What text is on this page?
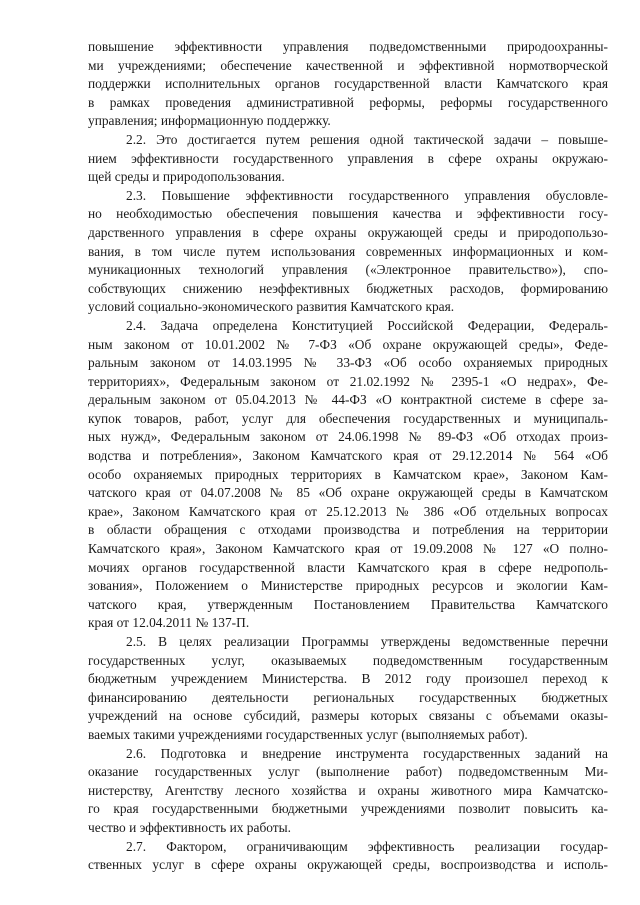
повышение эффективности управления подведомственными природоохранны-
ми учреждениями; обеспечение качественной и эффективной нормотворческой
поддержки исполнительных органов государственной власти Камчатского края
в рамках проведения административной реформы, реформы государственного
управления; информационную поддержку.
2.2. Это достигается путем решения одной тактической задачи – повыше-
нием эффективности государственного управления в сфере охраны окружаю-
щей среды и природопользования.
2.3. Повышение эффективности государственного управления обусловле-
но необходимостью обеспечения повышения качества и эффективности госу-
дарственного управления в сфере охраны окружающей среды и природопользо-
вания, в том числе путем использования современных информационных и ком-
муникационных технологий управления («Электронное правительство»), спо-
собствующих снижению неэффективных бюджетных расходов, формированию
условий социально-экономического развития Камчатского края.
2.4. Задача определена Конституцией Российской Федерации, Федераль-
ным законом от 10.01.2002 № 7-ФЗ «Об охране окружающей среды», Феде-
ральным законом от 14.03.1995 № 33-ФЗ «Об особо охраняемых природных
территориях», Федеральным законом от 21.02.1992 № 2395-1 «О недрах», Фе-
деральным законом от 05.04.2013 № 44-ФЗ «О контрактной системе в сфере за-
купок товаров, работ, услуг для обеспечения государственных и муниципаль-
ных нужд», Федеральным законом от 24.06.1998 № 89-ФЗ «Об отходах произ-
водства и потребления», Законом Камчатского края от 29.12.2014 № 564 «Об
особо охраняемых природных территориях в Камчатском крае», Законом Кам-
чатского края от 04.07.2008 № 85 «Об охране окружающей среды в Камчатском
крае», Законом Камчатского края от 25.12.2013 № 386 «Об отдельных вопросах
в области обращения с отходами производства и потребления на территории
Камчатского края», Законом Камчатского края от 19.09.2008 № 127 «О полно-
мочиях органов государственной власти Камчатского края в сфере недрополь-
зования», Положением о Министерстве природных ресурсов и экологии Кам-
чатского края, утвержденным Постановлением Правительства Камчатского
края от 12.04.2011 № 137-П.
2.5. В целях реализации Программы утверждены ведомственные перечни
государственных услуг, оказываемых подведомственным государственным
бюджетным учреждением Министерства. В 2012 году произошел переход к
финансированию деятельности региональных государственных бюджетных
учреждений на основе субсидий, размеры которых связаны с объемами оказы-
ваемых такими учреждениями государственных услуг (выполняемых работ).
2.6. Подготовка и внедрение инструмента государственных заданий на
оказание государственных услуг (выполнение работ) подведомственным Ми-
нистерству, Агентству лесного хозяйства и охраны животного мира Камчатско-
го края государственными бюджетными учреждениями позволит повысить ка-
чество и эффективность их работы.
2.7. Фактором, ограничивающим эффективность реализации государ-
ственных услуг в сфере охраны окружающей среды, воспроизводства и исполь-
